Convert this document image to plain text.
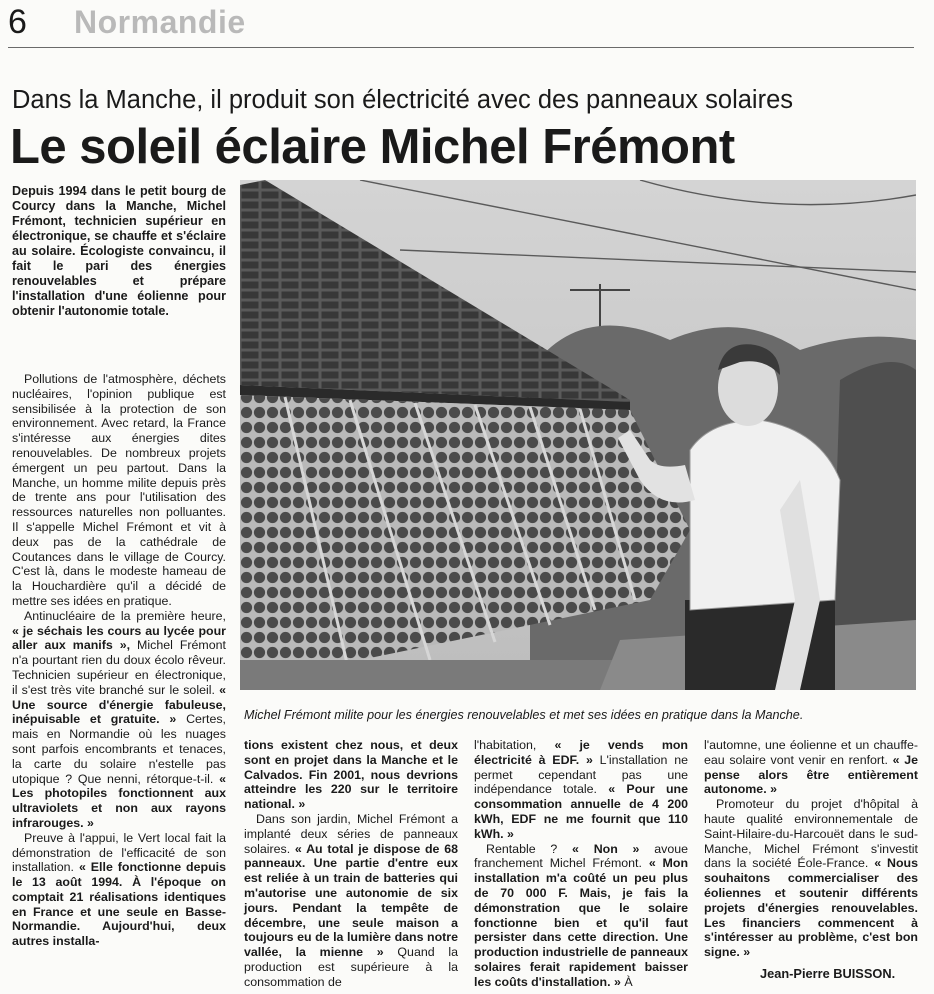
6 Normandie
Dans la Manche, il produit son électricité avec des panneaux solaires
Le soleil éclaire Michel Frémont
Depuis 1994 dans le petit bourg de Courcy dans la Manche, Michel Frémont, technicien supérieur en électronique, se chauffe et s'éclaire au solaire. Écologiste convaincu, il fait le pari des énergies renouvelables et prépare l'installation d'une éolienne pour obtenir l'autonomie totale.

Pollutions de l'atmosphère, déchets nucléaires, l'opinion publique est sensibilisée à la protection de son environnement. Avec retard, la France s'intéresse aux énergies dites renouvelables. De nombreux projets émergent un peu partout. Dans la Manche, un homme milite depuis près de trente ans pour l'utilisation des ressources naturelles non polluantes. Il s'appelle Michel Frémont et vit à deux pas de la cathédrale de Coutances dans le village de Courcy. C'est là, dans le modeste hameau de la Houchardière qu'il a décidé de mettre ses idées en pratique.

Antinucléaire de la première heure, « je séchais les cours au lycée pour aller aux manifs », Michel Frémont n'a pourtant rien du doux écolo rêveur. Technicien supérieur en électronique, il s'est très vite branché sur le soleil. « Une source d'énergie fabuleuse, inépuisable et gratuite. » Certes, mais en Normandie où les nuages sont parfois encombrants et tenaces, la carte du solaire n'estelle pas utopique ? Que nenni, rétorque-t-il. « Les photopiles fonctionnent aux ultraviolets et non aux rayons infrarouges. »

Preuve à l'appui, le Vert local fait la démonstration de l'efficacité de son installation. « Elle fonctionne depuis le 13 août 1994. À l'époque on comptait 21 réalisations identiques en France et une seule en Basse-Normandie. Aujourd'hui, deux autres installa-

Michel Frémont milite pour les énergies renouvelables et met ses idées en pratique dans la Manche.

tions existent chez nous, et deux sont en projet dans la Manche et le Calvados. Fin 2001, nous devrions atteindre les 220 sur le territoire national. »

Dans son jardin, Michel Frémont a implanté deux séries de panneaux solaires. « Au total je dispose de 68 panneaux. Une partie d'entre eux est reliée à un train de batteries qui m'autorise une autonomie de six jours. Pendant la tempête de décembre, une seule maison a toujours eu de la lumière dans notre vallée, la mienne » Quand la production est supérieure à la consommation de

l'habitation, « je vends mon électricité à EDF. » L'installation ne permet cependant pas une indépendance totale. « Pour une consommation annuelle de 4 200 kWh, EDF ne me fournit que 110 kWh. »

Rentable ? « Non » avoue franchement Michel Frémont. « Mon installation m'a coûté un peu plus de 70 000 F. Mais, je fais la démonstration que le solaire fonctionne bien et qu'il faut persister dans cette direction. Une production industrielle de panneaux solaires ferait rapidement baisser les coûts d'installation. » À

l'automne, une éolienne et un chauffe-eau solaire vont venir en renfort. « Je pense alors être entièrement autonome. »

Promoteur du projet d'hôpital à haute qualité environnementale de Saint-Hilaire-du-Harcouët dans le sud-Manche, Michel Frémont s'investit dans la société Éole-France. « Nous souhaitons commercialiser des éoliennes et soutenir différents projets d'énergies renouvelables. Les financiers commencent à s'intéresser au problème, c'est bon signe. »

Jean-Pierre BUISSON.
